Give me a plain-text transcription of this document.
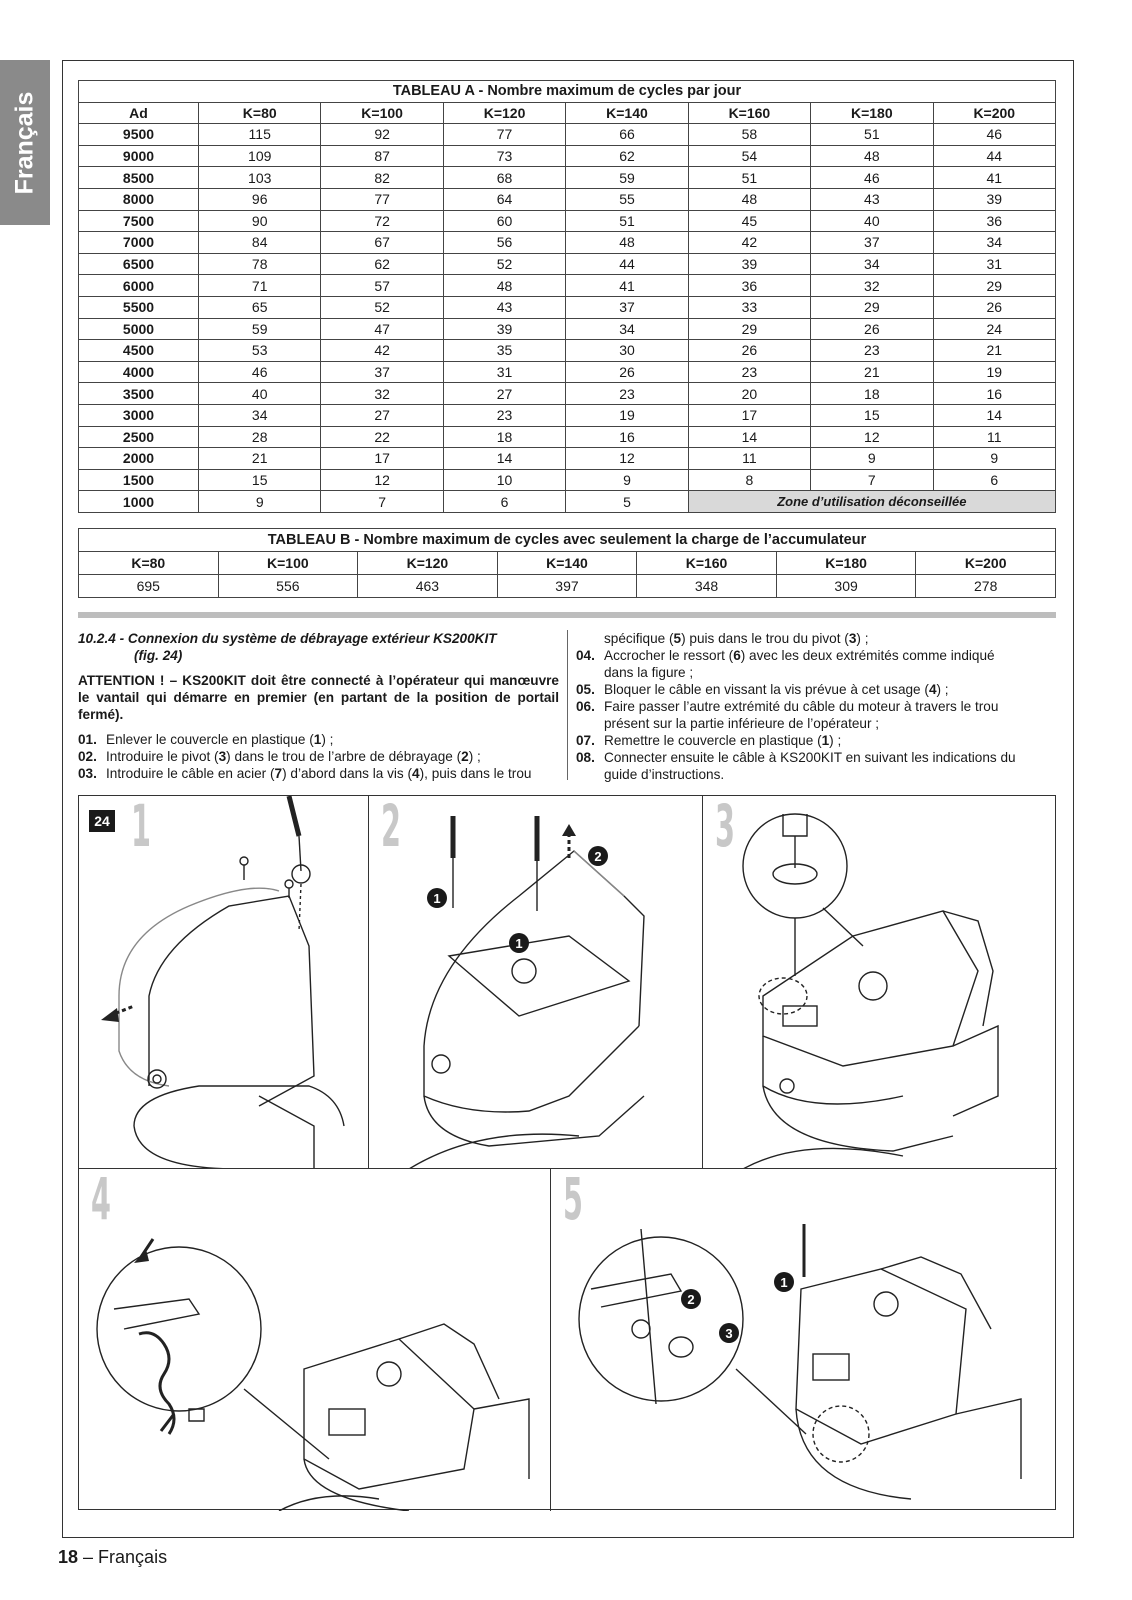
Français	TABLEAU A - Nombre maximum de cycles par jour							
Ad	K=80	K=100	K=120	K=140	K=160	K=180	K=200
9500	115	92	77	66	58	51	46
9000	109	87	73	62	54	48	44
8500	103	82	68	59	51	46	41
8000	96	77	64	55	48	43	39
7500	90	72	60	51	45	40	36
7000	84	67	56	48	42	37	34
6500	78	62	52	44	39	34	31
6000	71	57	48	41	36	32	29
5500	65	52	43	37	33	29	26
5000	59	47	39	34	29	26	24
4500	53	42	35	30	26	23	21
4000	46	37	31	26	23	21	19
3500	40	32	27	23	20	18	16
3000	34	27	23	19	17	15	14
2500	28	22	18	16	14	12	11
2000	21	17	14	12	11	9	9
1500	15	12	10	9	8	7	6
1000	9	7	6	5	Zone d’utilisation déconseillée		
TABLEAU B - Nombre maximum de cycles avec seulement la charge de l’accumulateur						
K=80	K=100	K=120	K=140	K=160	K=180	K=200
695	556	463	397	348	309	278

10.2.4 - Connexion du système de débrayage extérieur KS200KIT
(fig. 24)

ATTENTION ! – KS200KIT doit être connecté à l’opérateur qui manœuvre le vantail qui démarre en premier (en partant de la position de portail fermé).

01. Enlever le couvercle en plastique (1) ;
02. Introduire le pivot (3) dans le trou de l’arbre de débrayage (2) ;
03. Introduire le câble en acier (7) d’abord dans la vis (4), puis dans le trou

spécifique (5) puis dans le trou du pivot (3) ;

04. Accrocher le ressort (6) avec les deux extrémités comme indiqué
dans la figure ;
05. Bloquer le câble en vissant la vis prévue à cet usage (4) ;
06. Faire passer l’autre extrémité du câble du moteur à travers le trou
présent sur la partie inférieure de l’opérateur ;
07. Remettre le couvercle en plastique (1) ;
08. Connecter ensuite le câble à KS200KIT en suivant les indications du
guide d’instructions.
24 1	2
1
1
2 3
4	5
1
2
3
18 – Français
